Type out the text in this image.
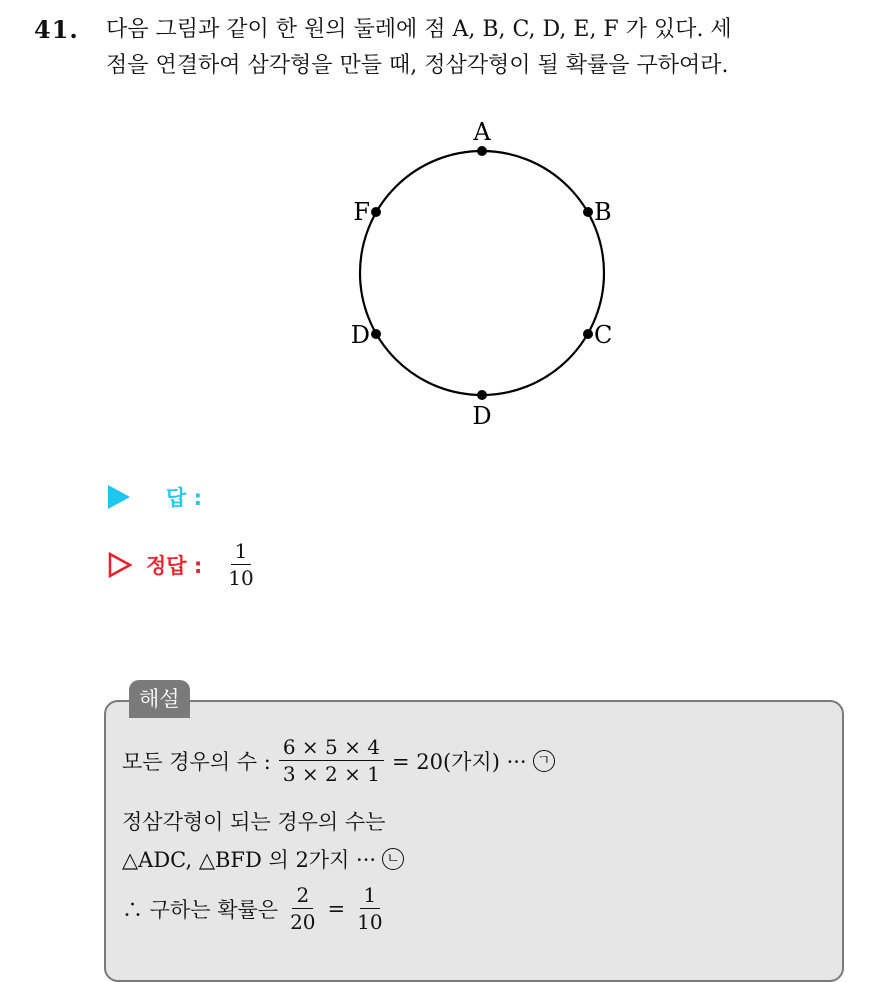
41. 다음 그림과 같이 한 원의 둘레에 점 A, B, C, D, E, F 가 있다. 세
점을 연결하여 삼각형을 만들 때, 정삼각형이 될 확률을 구하여라.
A
B
C
D
D
F
답 :
정답 : $\frac{1}{10}$
해설
모든 경우의 수 : $\frac{6 \times 5 \times 4}{3 \times 2 \times 1} = 20$(가지) ··· ㄱ
정삼각형이 되는 경우의 수는
△ADC, △BFD 의 2가지 ··· ㄴ
∴ 구하는 확률은 $\frac{2}{20} = \frac{1}{10}$
